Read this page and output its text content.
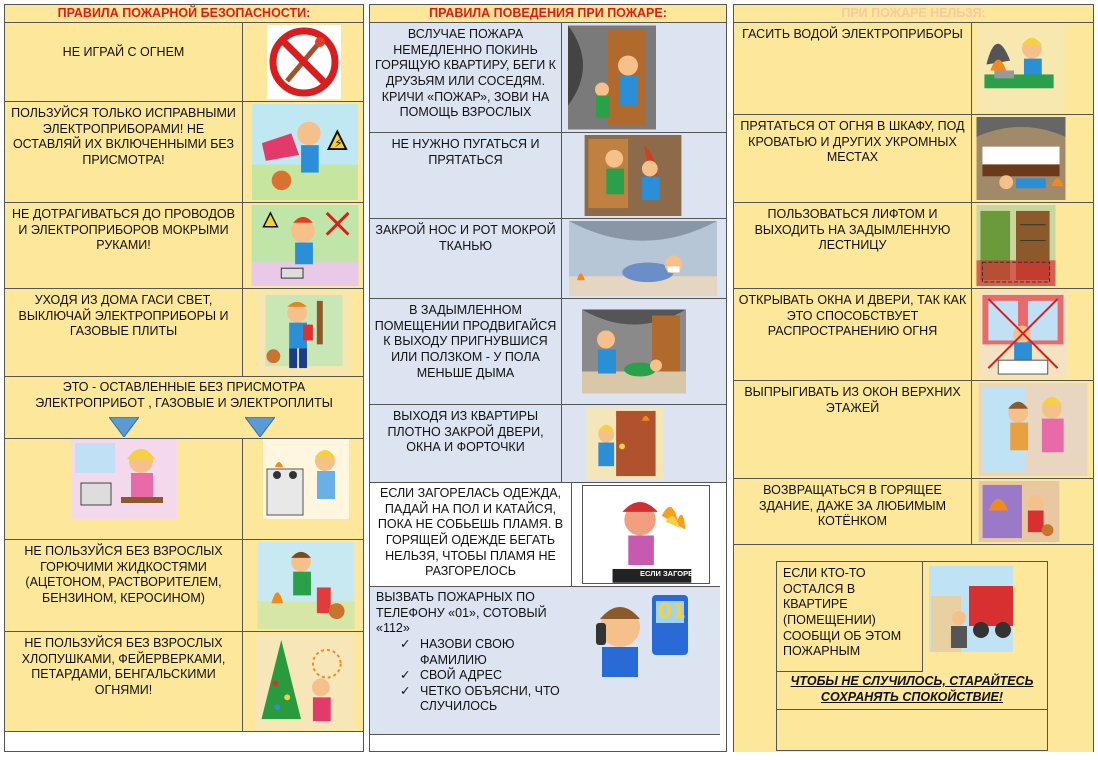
ПРАВИЛА ПОЖАРНОЙ БЕЗОПАСНОСТИ:
НЕ ИГРАЙ С ОГНЕМ
ПОЛЬЗУЙСЯ ТОЛЬКО ИСПРАВНЫМИ ЭЛЕКТРОПРИБОРАМИ! НЕ ОСТАВЛЯЙ ИХ ВКЛЮЧЕННЫМИ БЕЗ ПРИСМОТРА!
⚡
НЕ ДОТРАГИВАТЬСЯ ДО ПРОВОДОВ И ЭЛЕКТРОПРИБОРОВ МОКРЫМИ РУКАМИ!
УХОДЯ ИЗ ДОМА ГАСИ СВЕТ, ВЫКЛЮЧАЙ ЭЛЕКТРОПРИБОРЫ И ГАЗОВЫЕ ПЛИТЫ
ЭТО - ОСТАВЛЕННЫЕ БЕЗ ПРИСМОТРА ЭЛЕКТРОПРИБОТ , ГАЗОВЫЕ И ЭЛЕКТРОПЛИТЫ
НЕ ПОЛЬЗУЙСЯ БЕЗ ВЗРОСЛЫХ ГОРЮЧИМИ ЖИДКОСТЯМИ (АЦЕТОНОМ, РАСТВОРИТЕЛЕМ, БЕНЗИНОМ, КЕРОСИНОМ)
НЕ ПОЛЬЗУЙСЯ БЕЗ ВЗРОСЛЫХ ХЛОПУШКАМИ, ФЕЙЕРВЕРКАМИ, ПЕТАРДАМИ, БЕНГАЛЬСКИМИ ОГНЯМИ!
ПРАВИЛА ПОВЕДЕНИЯ ПРИ ПОЖАРЕ:
ВСЛУЧАЕ ПОЖАРА НЕМЕДЛЕННО ПОКИНЬ ГОРЯЩУЮ КВАРТИРУ, БЕГИ К ДРУЗЬЯМ ИЛИ СОСЕДЯМ. КРИЧИ «ПОЖАР», ЗОВИ НА ПОМОЩЬ ВЗРОСЛЫХ
НЕ НУЖНО ПУГАТЬСЯ И ПРЯТАТЬСЯ
ЗАКРОЙ НОС И РОТ МОКРОЙ ТКАНЬЮ
В ЗАДЫМЛЕННОМ ПОМЕЩЕНИИ ПРОДВИГАЙСЯ К ВЫХОДУ ПРИГНУВШИСЯ ИЛИ ПОЛЗКОМ - У ПОЛА МЕНЬШЕ ДЫМА
ВЫХОДЯ ИЗ КВАРТИРЫ ПЛОТНО ЗАКРОЙ ДВЕРИ, ОКНА И ФОРТОЧКИ
ЕСЛИ ЗАГОРЕЛАСЬ ОДЕЖДА, ПАДАЙ НА ПОЛ И КАТАЙСЯ, ПОКА НЕ СОБЬЕШЬ ПЛАМЯ. В ГОРЯЩЕЙ ОДЕЖДЕ БЕГАТЬ НЕЛЬЗЯ, ЧТОБЫ ПЛАМЯ НЕ РАЗГОРЕЛОСЬ	ЕСЛИ ЗАГОРЕЛ
ВЫЗВАТЬ ПОЖАРНЫХ ПО ТЕЛЕФОНУ «01», СОТОВЫЙ «112»
✓ НАЗОВИ СВОЮ ФАМИЛИЮ
✓ СВОЙ АДРЕС
✓ ЧЕТКО ОБЪЯСНИ, ЧТО СЛУЧИЛОСЬ
01
ПРИ ПОЖАРЕ НЕЛЬЗЯ:
ГАСИТЬ ВОДОЙ ЭЛЕКТРОПРИБОРЫ
ПРЯТАТЬСЯ ОТ ОГНЯ В ШКАФУ, ПОД КРОВАТЬЮ И ДРУГИХ УКРОМНЫХ МЕСТАХ
ПОЛЬЗОВАТЬСЯ ЛИФТОМ И ВЫХОДИТЬ НА ЗАДЫМЛЕННУЮ ЛЕСТНИЦУ
ОТКРЫВАТЬ ОКНА И ДВЕРИ, ТАК КАК ЭТО СПОСОБСТВУЕТ РАСПРОСТРАНЕНИЮ ОГНЯ
ВЫПРЫГИВАТЬ ИЗ ОКОН ВЕРХНИХ ЭТАЖЕЙ
ВОЗВРАЩАТЬСЯ В ГОРЯЩЕЕ ЗДАНИЕ, ДАЖЕ ЗА ЛЮБИМЫМ КОТЁНКОМ
ЕСЛИ КТО-ТО ОСТАЛСЯ В КВАРТИРЕ (ПОМЕЩЕНИИ) СООБЩИ ОБ ЭТОМ ПОЖАРНЫМ
ЧТОБЫ НЕ СЛУЧИЛОСЬ, СТАРАЙТЕСЬ СОХРАНЯТЬ СПОКОЙСТВИЕ!
